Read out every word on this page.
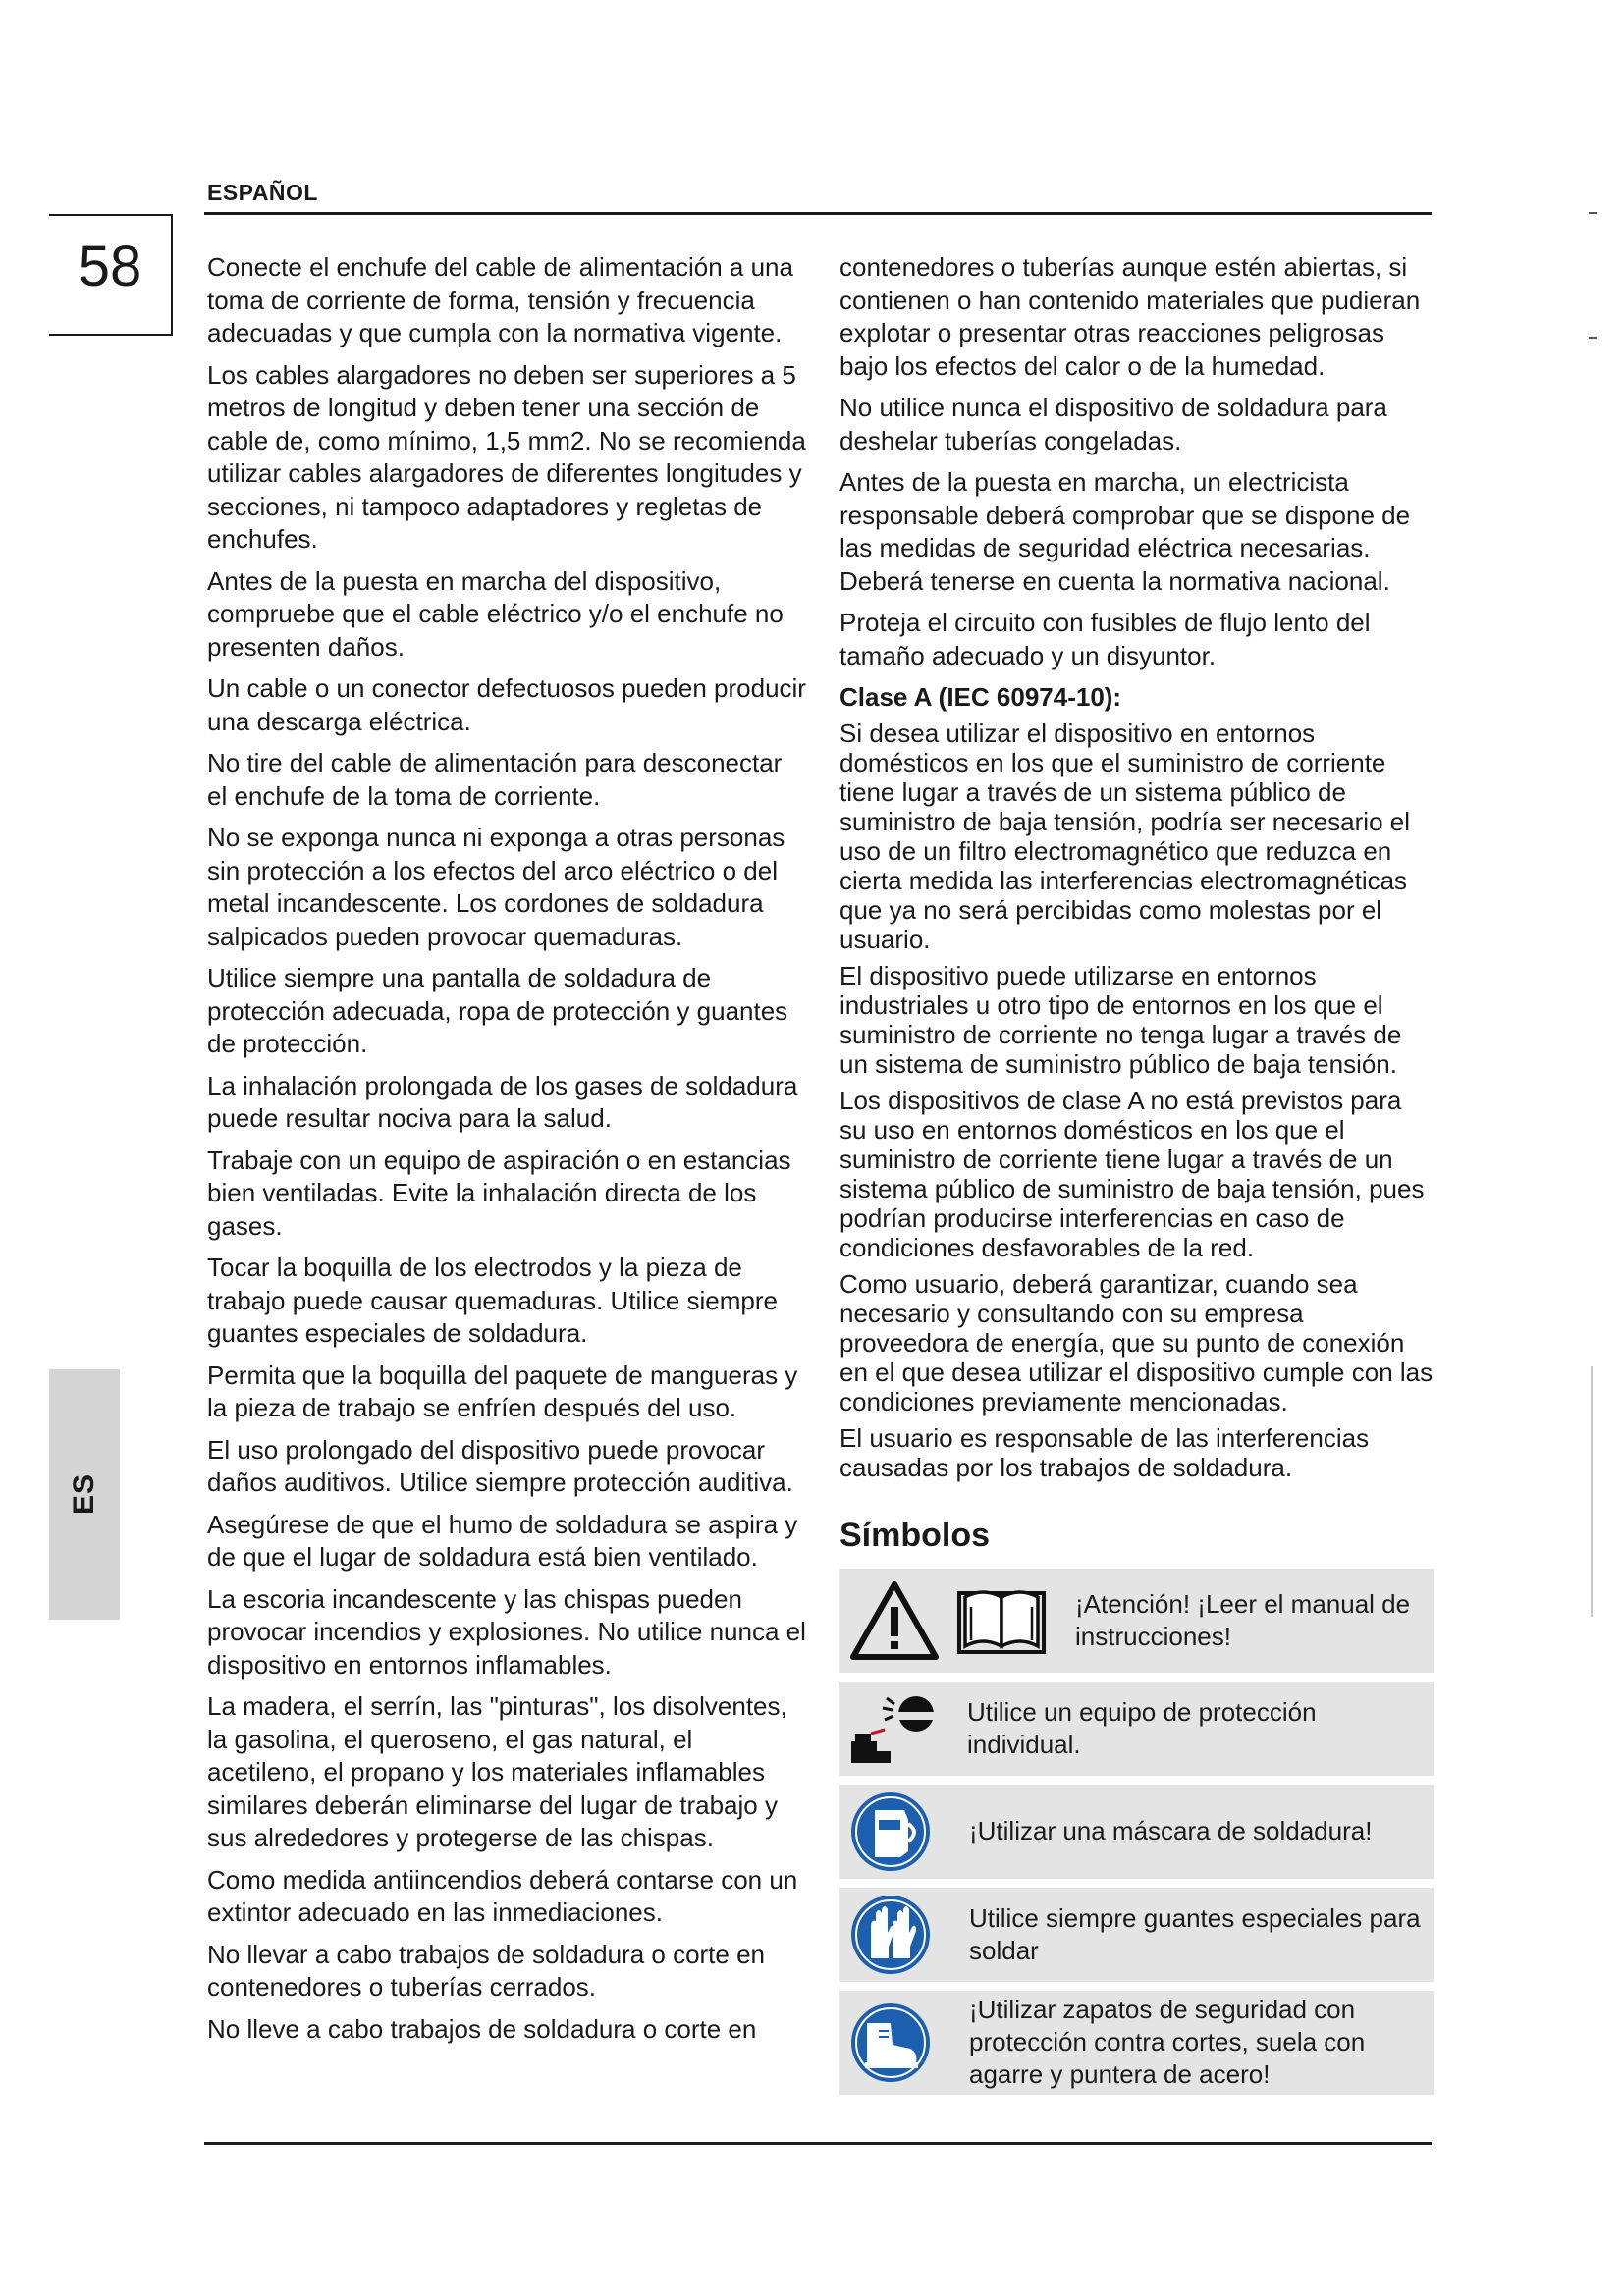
ESPAÑOL
58
ES

Conecte el enchufe del cable de alimentación a una toma de corriente de forma, tensión y frecuencia adecuadas y que cumpla con la normativa vigente.

Los cables alargadores no deben ser superiores a 5 metros de longitud y deben tener una sección de cable de, como mínimo, 1,5 mm2. No se recomienda utilizar cables alargadores de diferentes longitudes y secciones, ni tampoco adaptadores y regletas de enchufes.

Antes de la puesta en marcha del dispositivo, compruebe que el cable eléctrico y/o el enchufe no presenten daños.

Un cable o un conector defectuosos pueden producir una descarga eléctrica.

No tire del cable de alimentación para desconectar el enchufe de la toma de corriente.

No se exponga nunca ni exponga a otras personas sin protección a los efectos del arco eléctrico o del metal incandescente. Los cordones de soldadura salpicados pueden provocar quemaduras.

Utilice siempre una pantalla de soldadura de protección adecuada, ropa de protección y guantes de protección.

La inhalación prolongada de los gases de soldadura puede resultar nociva para la salud.

Trabaje con un equipo de aspiración o en estancias bien ventiladas. Evite la inhalación directa de los gases.

Tocar la boquilla de los electrodos y la pieza de trabajo puede causar quemaduras. Utilice siempre guantes especiales de soldadura.

Permita que la boquilla del paquete de mangueras y la pieza de trabajo se enfríen después del uso.

El uso prolongado del dispositivo puede provocar daños auditivos. Utilice siempre protección auditiva.

Asegúrese de que el humo de soldadura se aspira y de que el lugar de soldadura está bien ventilado.

La escoria incandescente y las chispas pueden provocar incendios y explosiones. No utilice nunca el dispositivo en entornos inflamables.

La madera, el serrín, las "pinturas", los disolventes, la gasolina, el queroseno, el gas natural, el acetileno, el propano y los materiales inflamables similares deberán eliminarse del lugar de trabajo y sus alrededores y protegerse de las chispas.

Como medida antiincendios deberá contarse con un extintor adecuado en las inmediaciones.

No llevar a cabo trabajos de soldadura o corte en contenedores o tuberías cerrados.

No lleve a cabo trabajos de soldadura o corte en

contenedores o tuberías aunque estén abiertas, si contienen o han contenido materiales que pudieran explotar o presentar otras reacciones peligrosas bajo los efectos del calor o de la humedad.

No utilice nunca el dispositivo de soldadura para deshelar tuberías congeladas.

Antes de la puesta en marcha, un electricista responsable deberá comprobar que se dispone de las medidas de seguridad eléctrica necesarias. Deberá tenerse en cuenta la normativa nacional.

Proteja el circuito con fusibles de flujo lento del tamaño adecuado y un disyuntor.

Clase A (IEC 60974-10):

Si desea utilizar el dispositivo en entornos domésticos en los que el suministro de corriente tiene lugar a través de un sistema público de suministro de baja tensión, podría ser necesario el uso de un filtro electromagnético que reduzca en cierta medida las interferencias electromagnéticas que ya no será percibidas como molestas por el usuario.

El dispositivo puede utilizarse en entornos industriales u otro tipo de entornos en los que el suministro de corriente no tenga lugar a través de un sistema de suministro público de baja tensión.

Los dispositivos de clase A no está previstos para su uso en entornos domésticos en los que el suministro de corriente tiene lugar a través de un sistema público de suministro de baja tensión, pues podrían producirse interferencias en caso de condiciones desfavorables de la red.

Como usuario, deberá garantizar, cuando sea necesario y consultando con su empresa proveedora de energía, que su punto de conexión en el que desea utilizar el dispositivo cumple con las condiciones previamente mencionadas.

El usuario es responsable de las interferencias causadas por los trabajos de soldadura.

Símbolos
¡Atención! ¡Leer el manual de instrucciones!
Utilice un equipo de protección individual.
¡Utilizar una máscara de soldadura!
Utilice siempre guantes especiales para soldar
¡Utilizar zapatos de seguridad con protección contra cortes, suela con agarre y puntera de acero!
